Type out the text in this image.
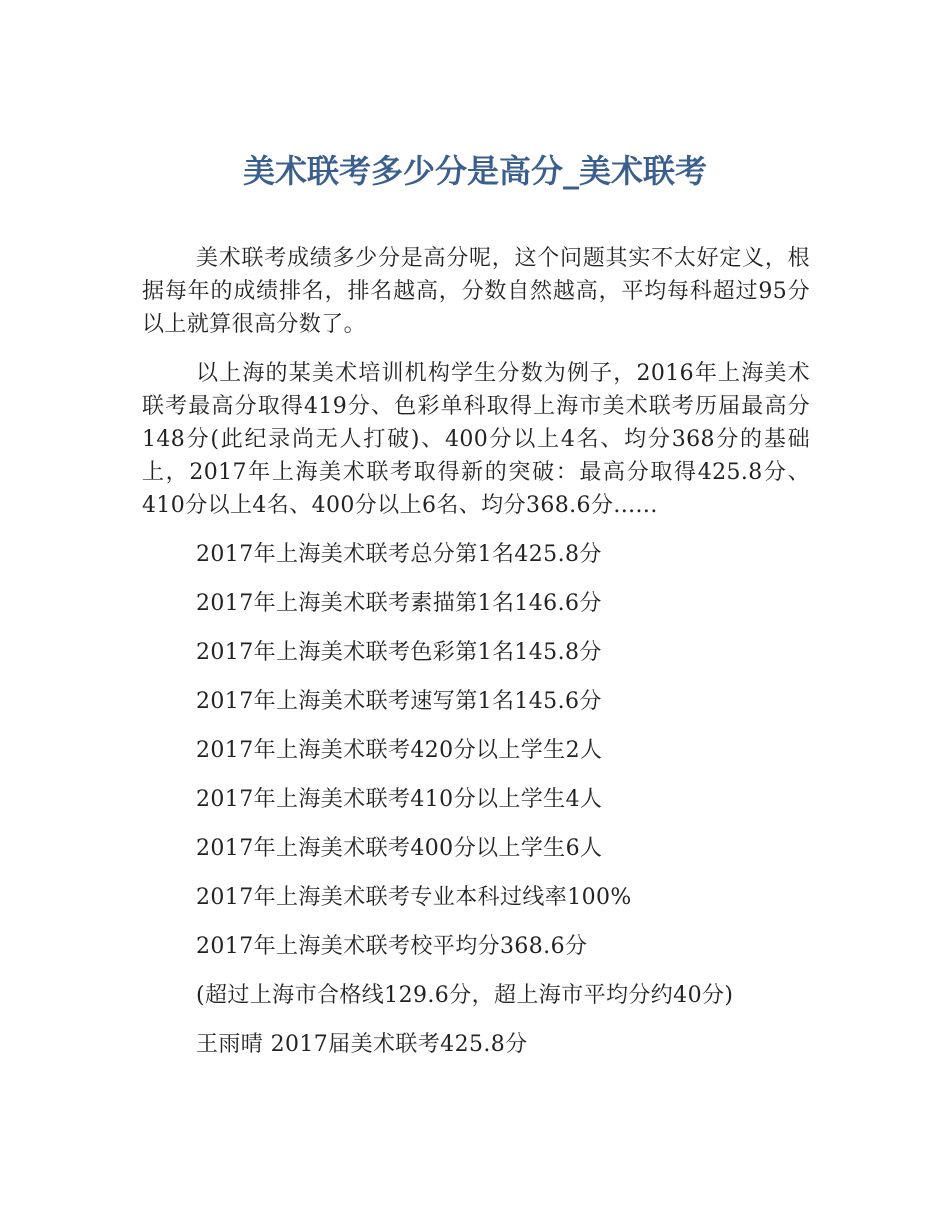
美术联考多少分是高分_美术联考

美术联考成绩多少分是高分呢，这个问题其实不太好定义，根据每年的成绩排名，排名越高，分数自然越高，平均每科超过95分以上就算很高分数了。

以上海的某美术培训机构学生分数为例子，2016年上海美术联考最高分取得419分、色彩单科取得上海市美术联考历届最高分148分(此纪录尚无人打破)、400分以上4名、均分368分的基础上，2017年上海美术联考取得新的突破：最高分取得425.8分、410分以上4名、400分以上6名、均分368.6分......

2017年上海美术联考总分第1名425.8分
2017年上海美术联考素描第1名146.6分
2017年上海美术联考色彩第1名145.8分
2017年上海美术联考速写第1名145.6分
2017年上海美术联考420分以上学生2人
2017年上海美术联考410分以上学生4人
2017年上海美术联考400分以上学生6人
2017年上海美术联考专业本科过线率100%
2017年上海美术联考校平均分368.6分
(超过上海市合格线129.6分，超上海市平均分约40分)
王雨晴 2017届美术联考425.8分
